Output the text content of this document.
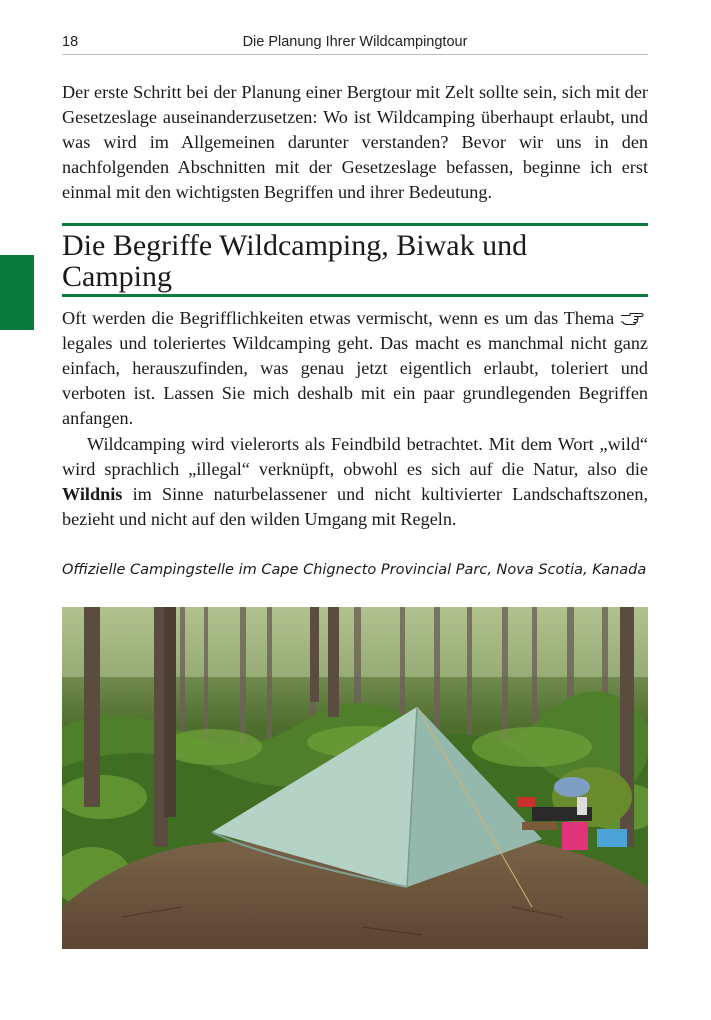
18	Die Planung Ihrer Wildcampingtour

Der erste Schritt bei der Planung einer Bergtour mit Zelt sollte sein, sich mit der Gesetzeslage auseinanderzusetzen: Wo ist Wildcamping überhaupt erlaubt, und was wird im Allgemeinen darunter verstanden? Bevor wir uns in den nachfolgenden Abschnitten mit der Gesetzeslage befassen, beginne ich erst einmal mit den wichtigsten Begriffen und ihrer Bedeutung.

Die Begriffe Wildcamping, Biwak und
Camping

Oft werden die Begrifflichkeiten etwas vermischt, wenn es um das Thema
legales und toleriertes Wildcamping geht. Das macht es manchmal nicht ganz einfach, herauszufinden, was genau jetzt eigentlich erlaubt, toleriert und verboten ist. Lassen Sie mich deshalb mit ein paar grundlegenden Begriffen anfangen.

Wildcamping wird vielerorts als Feindbild betrachtet. Mit dem Wort „wild“ wird sprachlich „illegal“ verknüpft, obwohl es sich auf die Natur, also die Wildnis im Sinne naturbelassener und nicht kultivierter Landschaftszonen, bezieht und nicht auf den wilden Umgang mit Regeln.

Offizielle Campingstelle im Cape Chignecto Provincial Parc, Nova Scotia, Kanada
